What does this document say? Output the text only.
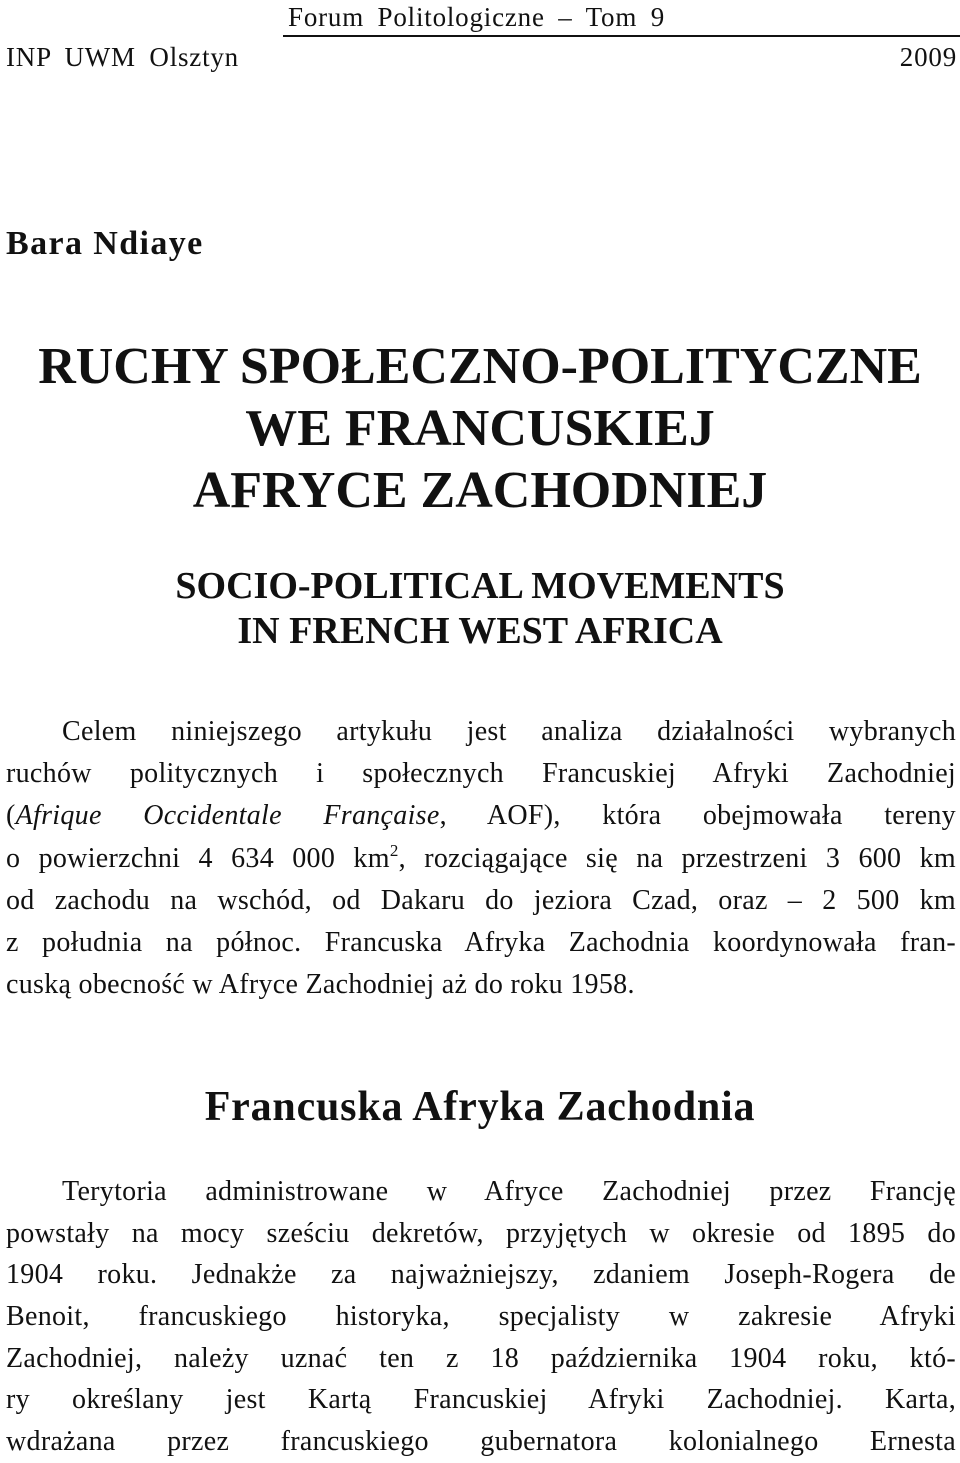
Forum Politologiczne – Tom 9
INP UWM Olsztyn	2009
Bara Ndiaye
RUCHY SPOŁECZNO-POLITYCZNE
WE FRANCUSKIEJ
AFRYCE ZACHODNIEJ
SOCIO-POLITICAL MOVEMENTS
IN FRENCH WEST AFRICA
Celem niniejszego artykułu jest analiza działalności wybranych
ruchów politycznych i społecznych Francuskiej Afryki Zachodniej
(Afrique Occidentale Française, AOF), która obejmowała tereny
o powierzchni 4 634 000 $km^2$, rozciągające się na przestrzeni 3 600 km
od zachodu na wschód, od Dakaru do jeziora Czad, oraz – 2 500 km
z południa na północ. Francuska Afryka Zachodnia koordynowała fran-
cuską obecność w Afryce Zachodniej aż do roku 1958.
Francuska Afryka Zachodnia
Terytoria administrowane w Afryce Zachodniej przez Francję
powstały na mocy sześciu dekretów, przyjętych w okresie od 1895 do
1904 roku. Jednakże za najważniejszy, zdaniem Joseph-Rogera de
Benoit, francuskiego historyka, specjalisty w zakresie Afryki
Zachodniej, należy uznać ten z 18 października 1904 roku, któ-
ry określany jest Kartą Francuskiej Afryki Zachodniej. Karta,
wdrażana przez francuskiego gubernatora kolonialnego Ernesta
